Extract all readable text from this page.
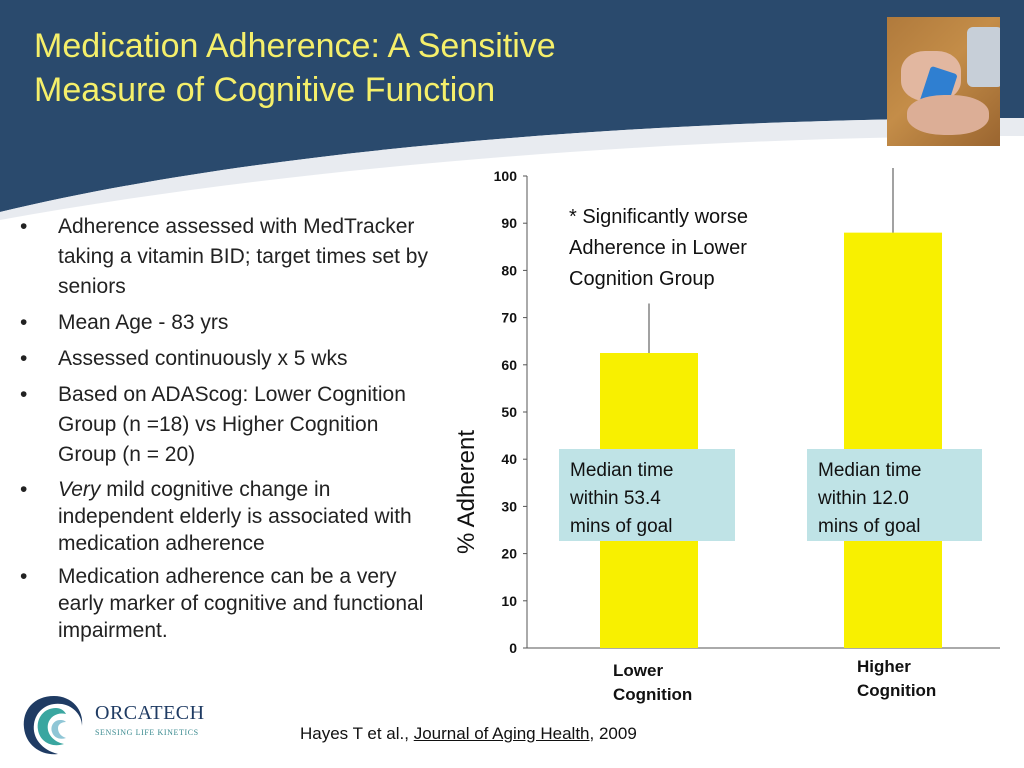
Medication Adherence: A Sensitive
Measure of Cognitive Function
• Adherence assessed with MedTracker taking a vitamin BID; target times set by seniors
• Mean Age - 83 yrs
• Assessed continuously x 5 wks
• Based on ADAScog: Lower Cognition Group (n =18) vs Higher Cognition Group (n = 20)
• Very mild cognitive change in independent elderly is associated with medication adherence
• Medication adherence can be a very early marker of cognitive and functional impairment.
0
10
20
30
40
50
60
70
80
90
100
% Adherent
Lower
Cognition
Higher
Cognition
* Significantly worse
Adherence in Lower
Cognition Group
Median time
within 53.4
mins of goal
Median time
within 12.0
mins of goal
Hayes T et al., Journal of Aging Health, 2009
ORCATECH
SENSING LIFE KINETICS
